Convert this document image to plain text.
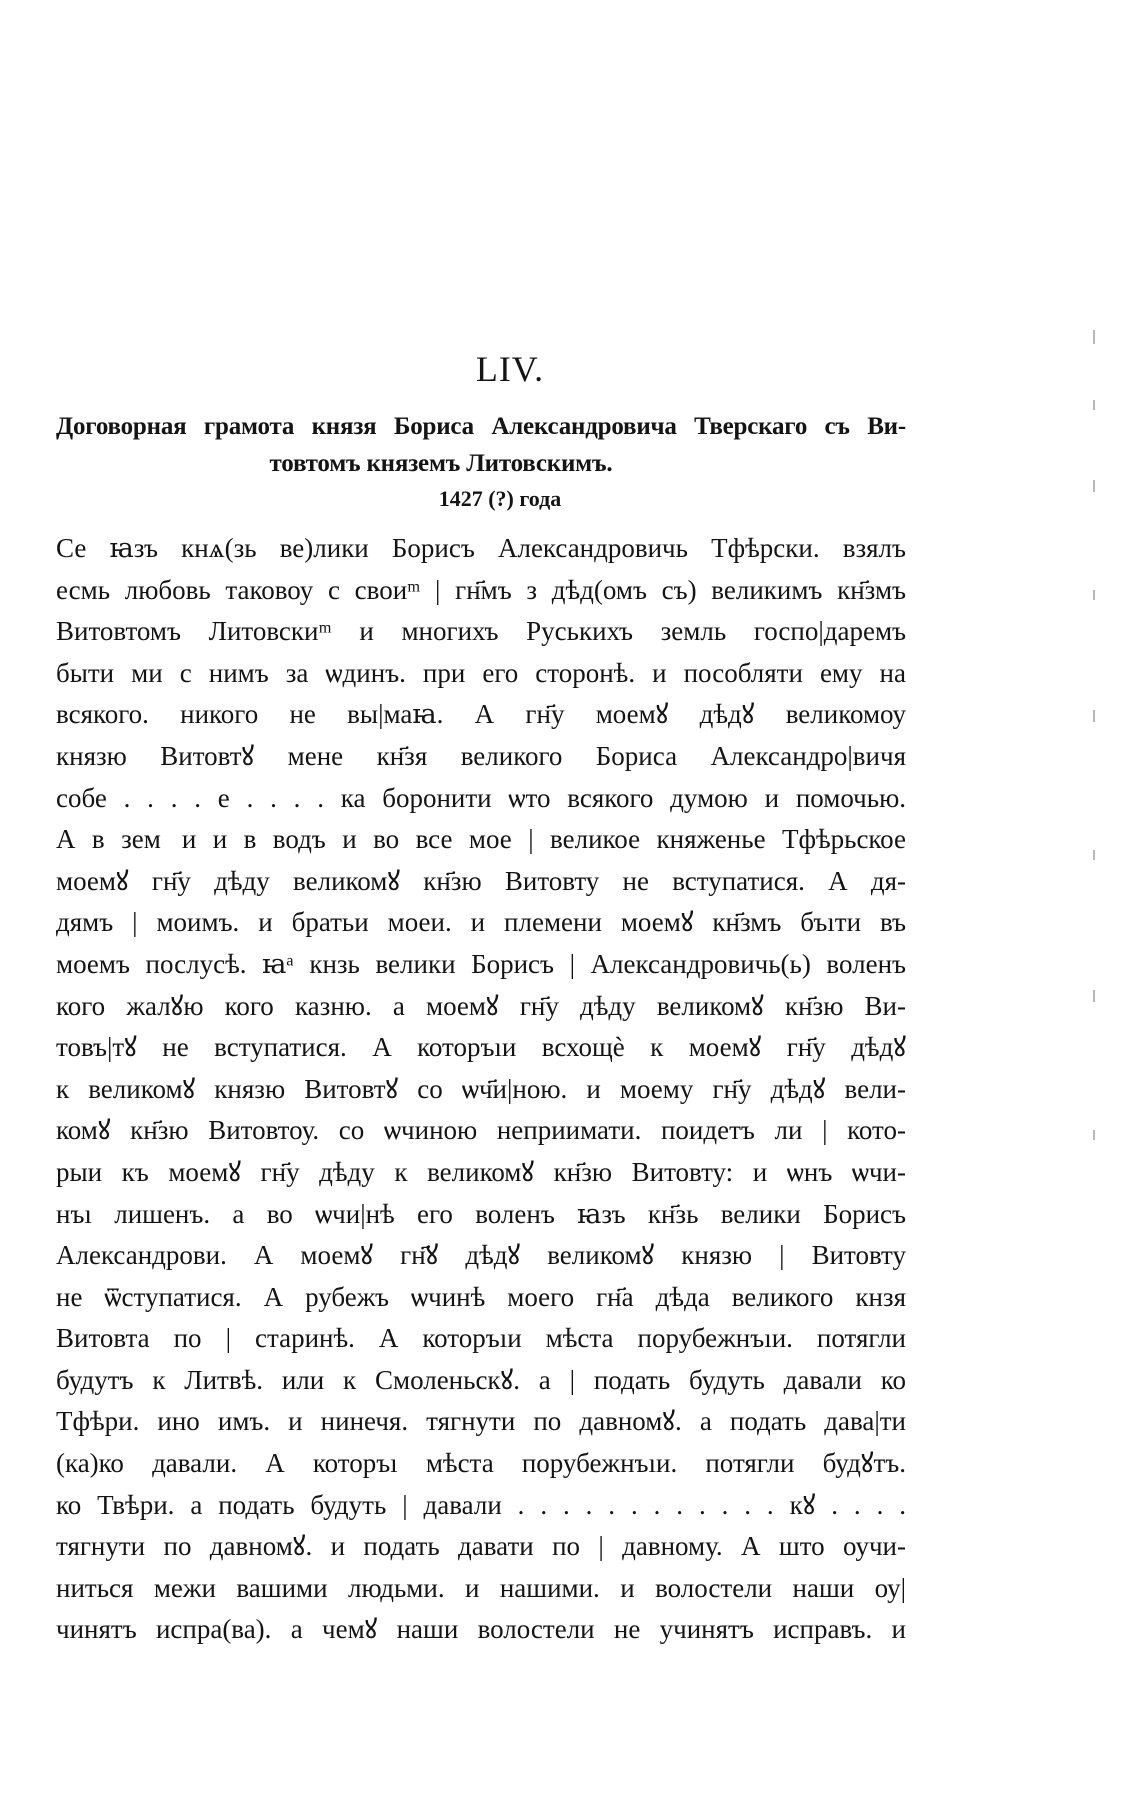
LIV.
Договорная грамота князя Бориса Александровича Тверскаго съ Ви-
товтомъ княземъ Литовскимъ.
1427 (?) года
Се ꙗзъ кнѧ(зь ве)лики Борисъ Александровичь Тфѣрски. взялъ
есмь любовь таковоу с своиᵐ | гн҃мъ з дѣд(омъ съ) великимъ кн҃змъ
Витовтомъ Литовскиᵐ и многихъ Руськихъ земль госпо|даремъ
быти ми с нимъ за ѡдинъ. при его сторонѣ. и пособляти ему на
всякого. никого не вы|маꙗ. А гн҃у моемꙋ дѣдꙋ великомоу
князю Витовтꙋ мене кн҃зя великого Бориса Александро|вичя
собе . . . . е . . . . ка боронити ѡто всякого думою и помочью.
А в земᷤи и в водъ и во все мое | великое княженье Тфѣрьское
моемꙋ гн҃у дѣду великомꙋ кн҃зю Витовту не вступатися. А дя-
дямъ | моимъ. и братьи моеи. и племени моемꙋ кн҃змъ бъıти въ
моемъ послусѣ. ꙗᵃ кнзь велики Борисъ | Александровичь(ь) воленъ
кого жалꙋю кого казню. а моемꙋ гн҃у дѣду великомꙋ кн҃зю Ви-
товъ|тꙋ не вступатися. А которъıи всхощѐ к моемꙋ гн҃у дѣдꙋ
к великомꙋ князю Витовтꙋ со ѡч҃и|ною. и моему гн҃у дѣдꙋ вели-
комꙋ кн҃зю Витовтоу. со ѡчиною неприимати. поидетъ ли | кото-
рыи къ моемꙋ гн҃у дѣду к великомꙋ кн҃зю Витовту: и ѡнъ ѡчи-
нъı лишенъ. а во ѡчи|нѣ его воленъ ꙗзъ кн҃зь велики Борисъ
Александрови. А моемꙋ гн҃ꙋ дѣдꙋ великомꙋ князю | Витовту
не ѿступатися. А рубежъ ѡчинѣ моего гн҃а дѣда великого кнзя
Витовта по | старинѣ. А которъıи мѣста порубежнъıи. потягли
будутъ к Литвѣ. или к Смоленьскꙋ. а | подать будуть давали ко
Тфѣри. ино имъ. и нинечя. тягнути по давномꙋ. а подать дава|ти
(ка)ко давали. А которъı мѣста порубежнъıи. потягли будꙋтъ.
ко Твѣри. а подать будуть | давали . . . . . . . . . . . . кꙋ . . . .
тягнути по давномꙋ. и подать давати по | давному. А што оучи-
нитьcя межи вашими людьми. и нашими. и волостели наши оу|
чинятъ испра(ва). а чемꙋ наши волостели не учинятъ исправъ. и
